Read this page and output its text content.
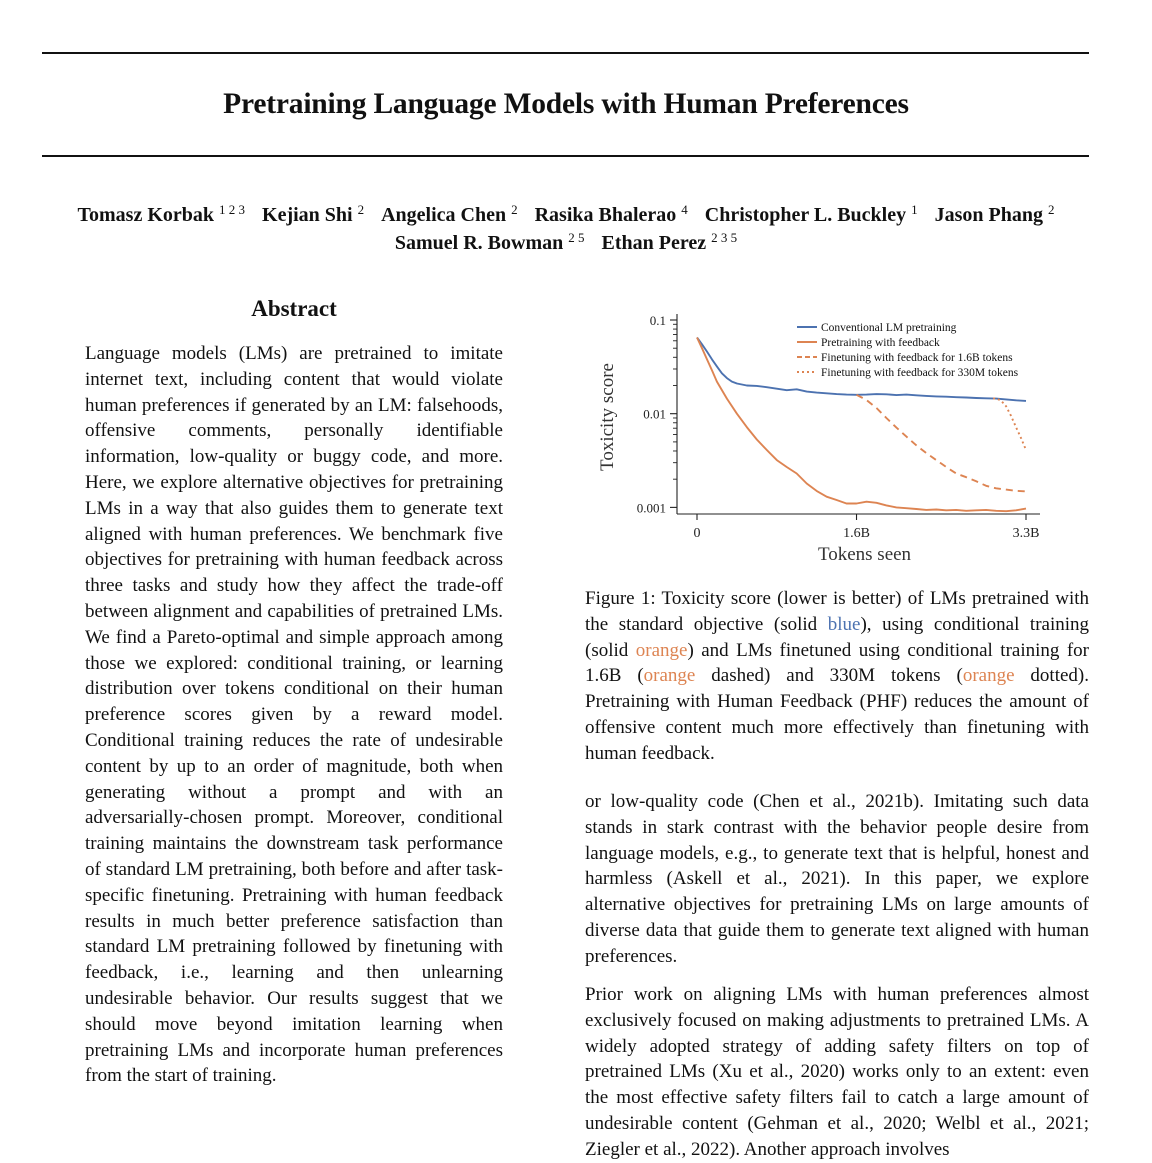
Pretraining Language Models with Human Preferences
Tomasz Korbak $^{1 2 3}$ Kejian Shi $^2$ Angelica Chen $^2$ Rasika Bhalerao $^4$ Christopher L. Buckley $^1$ Jason Phang $^2$
Samuel R. Bowman $^{2 5}$ Ethan Perez $^{2 3 5}$
Abstract
Language models (LMs) are pretrained to imitate internet text, including content that would violate human preferences if generated by an LM: falsehoods, offensive comments, personally identifiable information, low-quality or buggy code, and more. Here, we explore alternative objectives for pretraining LMs in a way that also guides them to generate text aligned with human preferences. We benchmark five objectives for pretraining with human feedback across three tasks and study how they affect the trade-off between alignment and capabilities of pretrained LMs. We find a Pareto-optimal and simple approach among those we explored: conditional training, or learning distribution over tokens conditional on their human preference scores given by a reward model. Conditional training reduces the rate of undesirable content by up to an order of magnitude, both when generating without a prompt and with an adversarially-chosen prompt. Moreover, conditional training maintains the downstream task performance of standard LM pretraining, both before and after task-specific finetuning. Pretraining with human feedback results in much better preference satisfaction than standard LM pretraining followed by finetuning with feedback, i.e., learning and then unlearning undesirable behavior. Our results suggest that we should move beyond imitation learning when pretraining LMs and incorporate human preferences from the start of training.
0.1
0.01
0.001
0	1.6B	3.3B
Tokens seen
Toxicity score
Conventional LM pretraining
Pretraining with feedback
Finetuning with feedback for 1.6B tokens
Finetuning with feedback for 330M tokens
Figure 1: Toxicity score (lower is better) of LMs pretrained with the standard objective (solid blue), using conditional training (solid orange) and LMs finetuned using conditional training for 1.6B (orange dashed) and 330M tokens (orange dotted). Pretraining with Human Feedback (PHF) reduces the amount of offensive content much more effectively than finetuning with human feedback.
or low-quality code (Chen et al., 2021b). Imitating such data stands in stark contrast with the behavior people desire from language models, e.g., to generate text that is helpful, honest and harmless (Askell et al., 2021). In this paper, we explore alternative objectives for pretraining LMs on large amounts of diverse data that guide them to generate text aligned with human preferences.
Prior work on aligning LMs with human preferences almost exclusively focused on making adjustments to pretrained LMs. A widely adopted strategy of adding safety filters on top of pretrained LMs (Xu et al., 2020) works only to an extent: even the most effective safety filters fail to catch a large amount of undesirable content (Gehman et al., 2020; Welbl et al., 2021; Ziegler et al., 2022). Another approach involves
